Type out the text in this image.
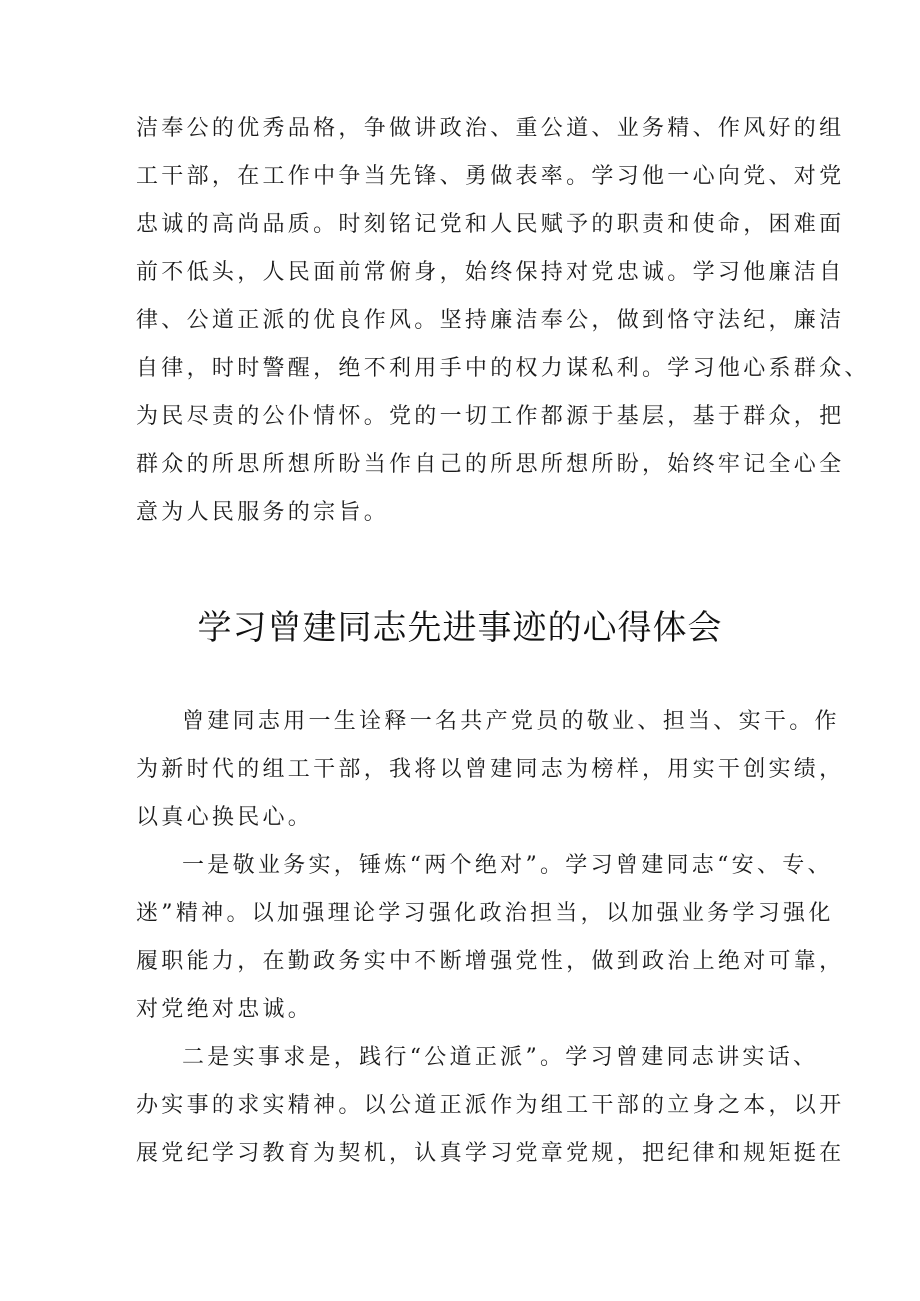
洁奉公的优秀品格，争做讲政治、重公道、业务精、作风好的组
工干部，在工作中争当先锋、勇做表率。学习他一心向党、对党
忠诚的高尚品质。时刻铭记党和人民赋予的职责和使命，困难面
前不低头，人民面前常俯身，始终保持对党忠诚。学习他廉洁自
律、公道正派的优良作风。坚持廉洁奉公，做到恪守法纪，廉洁
自律，时时警醒，绝不利用手中的权力谋私利。学习他心系群众、
为民尽责的公仆情怀。党的一切工作都源于基层，基于群众，把
群众的所思所想所盼当作自己的所思所想所盼，始终牢记全心全
意为人民服务的宗旨。
学习曾建同志先进事迹的心得体会
曾建同志用一生诠释一名共产党员的敬业、担当、实干。作
为新时代的组工干部，我将以曾建同志为榜样，用实干创实绩，
以真心换民心。
一是敬业务实，锤炼“两个绝对”。学习曾建同志“安、专、
迷”精神。以加强理论学习强化政治担当，以加强业务学习强化
履职能力，在勤政务实中不断增强党性，做到政治上绝对可靠，
对党绝对忠诚。
二是实事求是，践行“公道正派”。学习曾建同志讲实话、
办实事的求实精神。以公道正派作为组工干部的立身之本，以开
展党纪学习教育为契机，认真学习党章党规，把纪律和规矩挺在
